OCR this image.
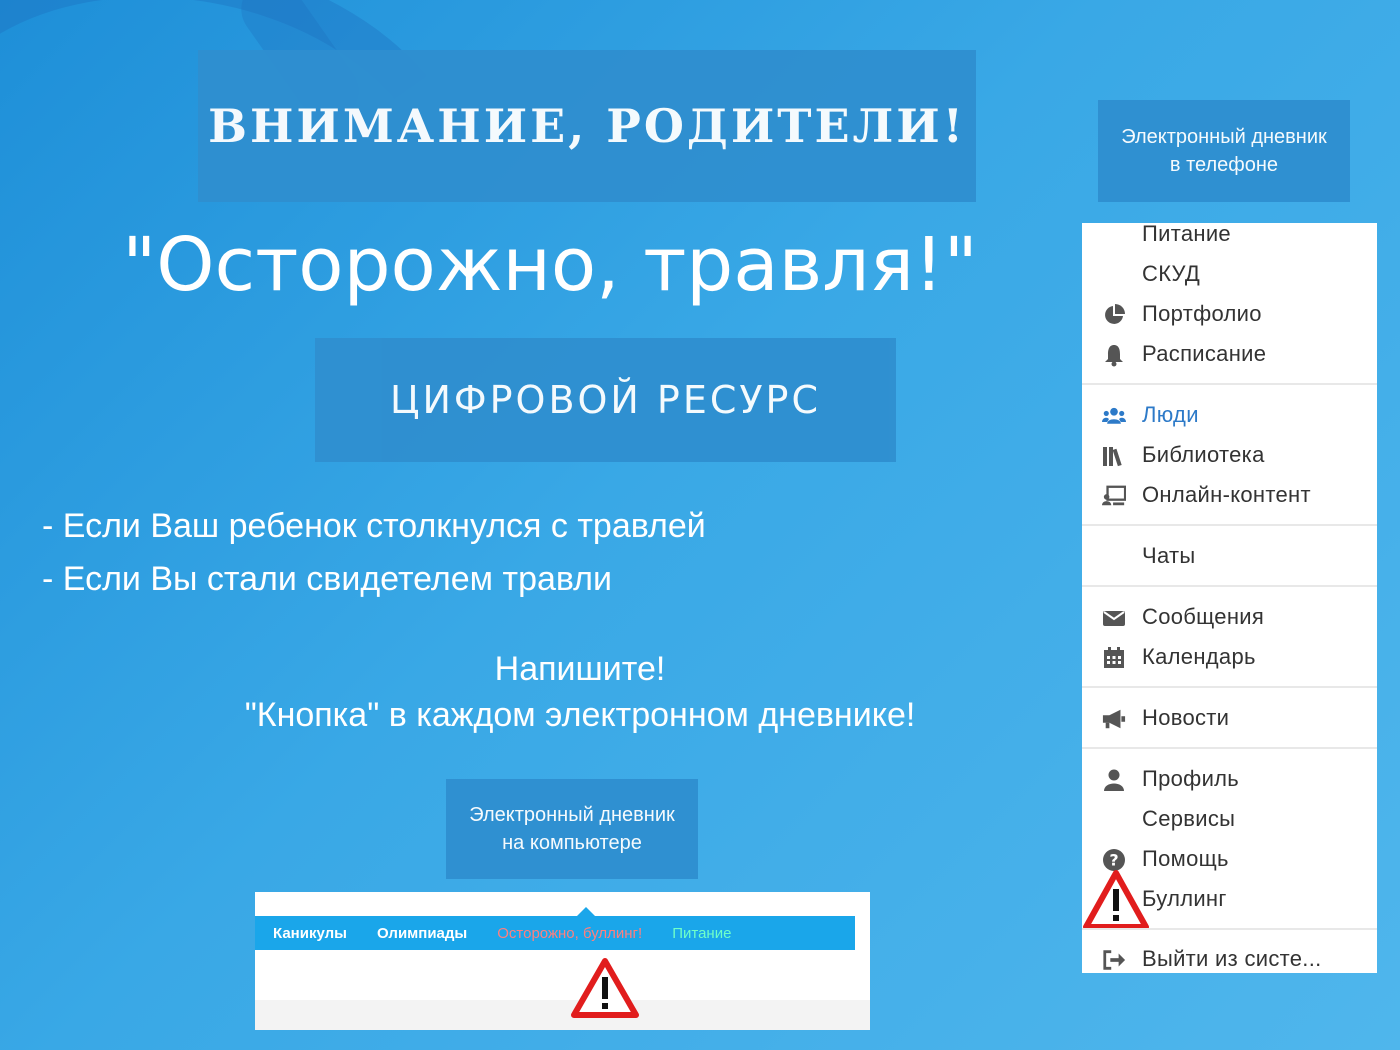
ВНИМАНИЕ, РОДИТЕЛИ!
"Осторожно, травля!"
ЦИФРОВОЙ РЕСУРС
- Если Ваш ребенок столкнулся с травлей
- Если Вы стали свидетелем травли
Напишите!
"Кнопка" в каждом электронном дневнике!
Электронный дневник
на компьютере
Электронный дневник
в телефоне
Каникулы Олимпиады Осторожно, буллинг! Питание
Питание
СКУД
Портфолио
Расписание
Люди
Библиотека
Онлайн-контент
Чаты
Сообщения
Календарь
Новости
Профиль
Сервисы
? Помощь
Буллинг
Выйти из систе...
